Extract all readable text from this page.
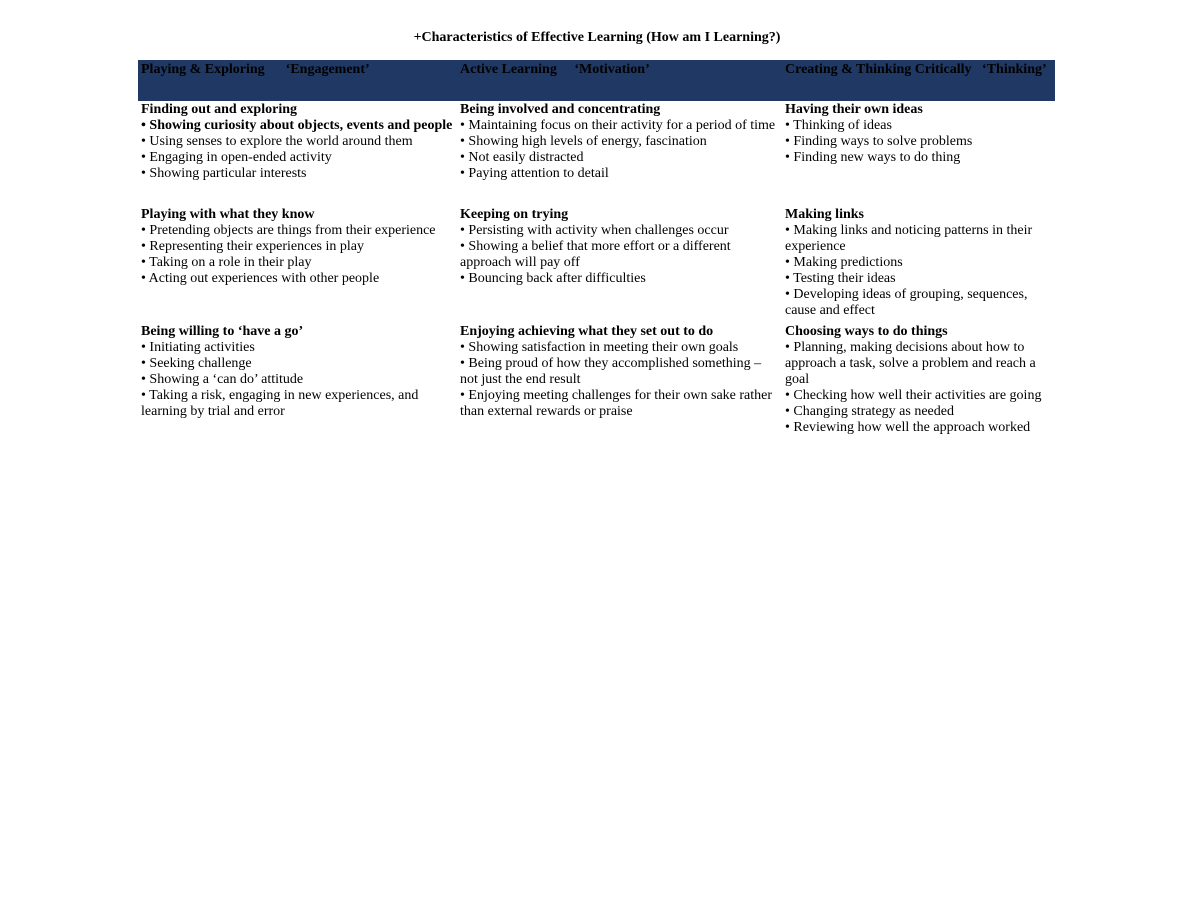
+Characteristics of Effective Learning (How am I Learning?)
Playing & Exploring      ‘Engagement’	Active Learning     ‘Motivation’	Creating & Thinking Critically   ‘Thinking’

Finding out and exploring

• Showing curiosity about objects, events and people
• Using senses to explore the world around them
• Engaging in open-ended activity
• Showing particular interests

Playing with what they know

• Pretending objects are things from their experience
• Representing their experiences in play
• Taking on a role in their play
• Acting out experiences with other people

Being willing to ‘have a go’

• Initiating activities
• Seeking challenge
• Showing a ‘can do’ attitude
• Taking a risk, engaging in new experiences, and learning by trial and error

Being involved and concentrating

• Maintaining focus on their activity for a period of time
• Showing high levels of energy, fascination
• Not easily distracted
• Paying attention to detail

Keeping on trying

• Persisting with activity when challenges occur
• Showing a belief that more effort or a different approach will pay off
• Bouncing back after difficulties

Enjoying achieving what they set out to do

• Showing satisfaction in meeting their own goals
• Being proud of how they accomplished something – not just the end result
• Enjoying meeting challenges for their own sake rather than external rewards or praise

Having their own ideas

• Thinking of ideas
• Finding ways to solve problems
• Finding new ways to do thing

Making links

• Making links and noticing patterns in their experience
• Making predictions
• Testing their ideas
• Developing ideas of grouping, sequences, cause and effect

Choosing ways to do things

• Planning, making decisions about how to approach a task, solve a problem and reach a goal
• Checking how well their activities are going
• Changing strategy as needed
• Reviewing how well the approach worked
